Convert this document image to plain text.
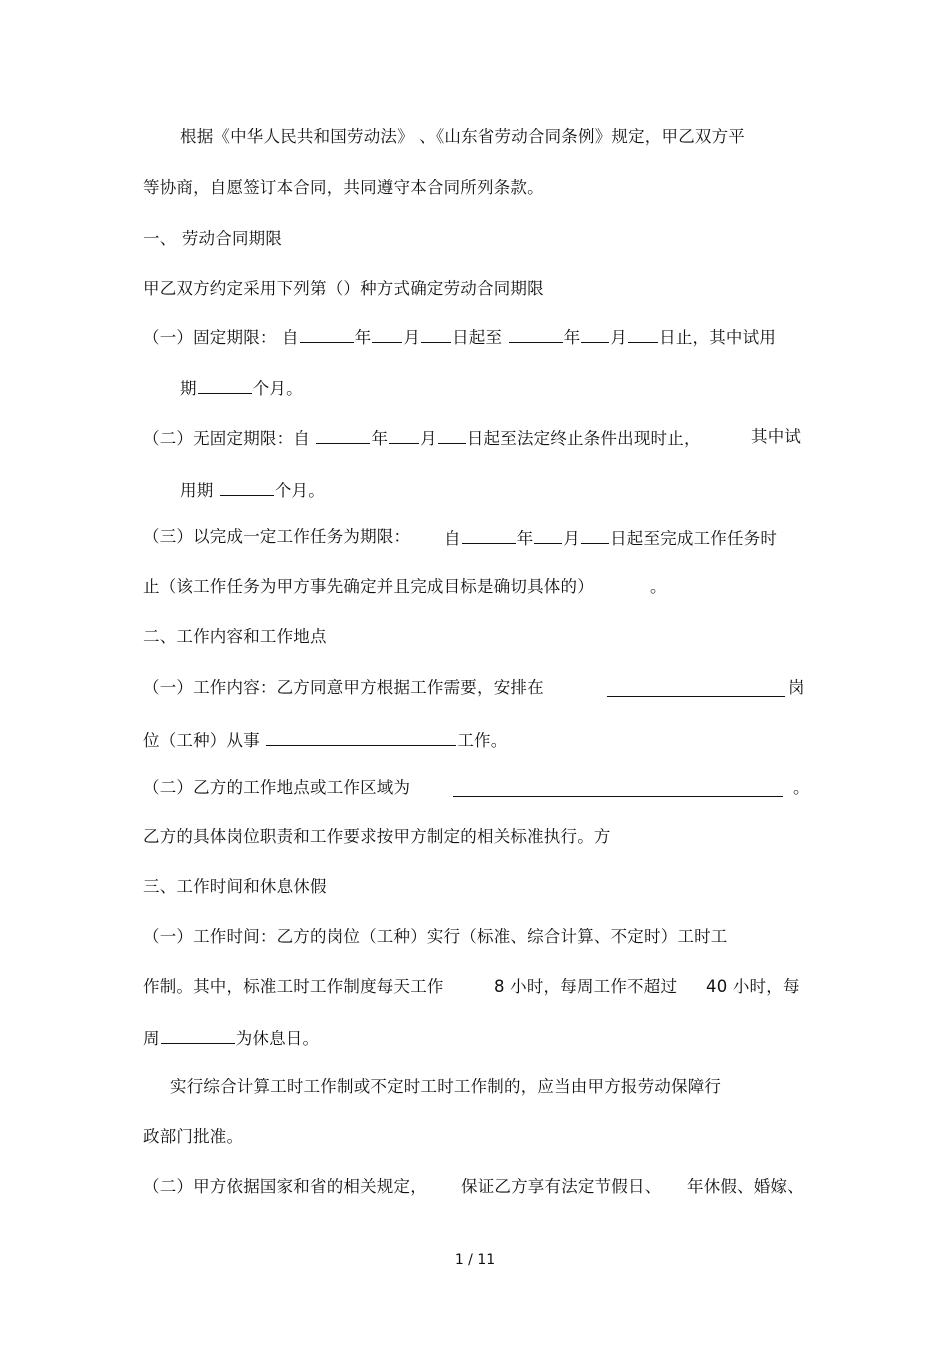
根据《中华人民共和国劳动法》 、《山东省劳动合同条例》规定，甲乙双方平
等协商，自愿签订本合同，共同遵守本合同所列条款。
一、 劳动合同期限
甲乙双方约定采用下列第（）种方式确定劳动合同期限
（一）固定期限： 自	年 月 日起至	年 月 日止，其中试用
期	个月。
（二）无固定期限：自	年 月 日起至法定终止条件出现时止，	其中试
用期	个月。
（三）以完成一定工作任务为期限： 自	年 月 日起至完成工作任务时
止（该工作任务为甲方事先确定并且完成目标是确切具体的）	。
二、工作内容和工作地点
（一）工作内容：乙方同意甲方根据工作需要，安排在	岗
位（工种）从事	工作。
（二）乙方的工作地点或工作区域为	。
乙方的具体岗位职责和工作要求按甲方制定的相关标准执行。方
三、工作时间和休息休假
（一）工作时间：乙方的岗位（工种）实行（标准、综合计算、不定时）工时工
作制。其中，标准工时工作制度每天工作	8 小时，每周工作不超过 40 小时，每
周	为休息日。
实行综合计算工时工作制或不定时工时工作制的，应当由甲方报劳动保障行
政部门批准。
（二）甲方依据国家和省的相关规定， 保证乙方享有法定节假日、 年休假、婚嫁、
1 / 11
